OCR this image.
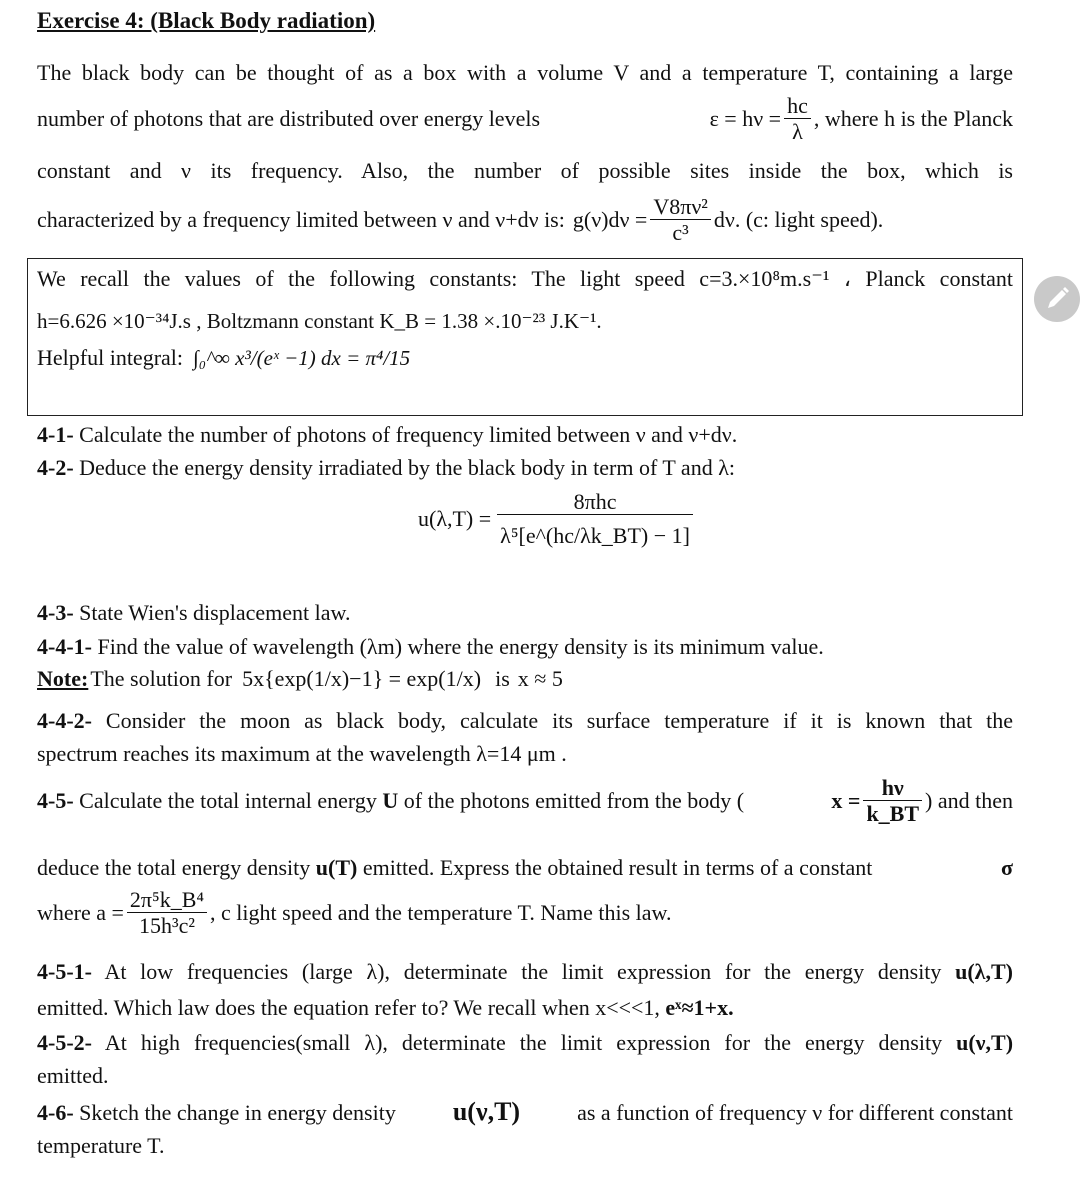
Exercise 4: (Black Body radiation)
The black body can be thought of as a box with a volume V and a temperature T, containing a large
number of photons that are distributed over energy levels	$\varepsilon = h\nu = \frac{hc}{\lambda}$ , where h is the Planck
constant and ν its frequency. Also, the number of possible sites inside the box, which is
characterized by a frequency limited between ν and ν+dν is: $g(\nu)d\nu = \frac{\text{V8πν²}}{\text{c³}} d\nu$. (c: light speed).
We recall the values of the following constants: The light speed c=3.×10⁸m.s⁻¹ ، Planck constant
h=6.626 ×10⁻³⁴J.s , Boltzmann constant K_B = 1.38 ×.10⁻²³ J.K⁻¹.
Helpful integral: ∫₀^∞ x³/(eˣ −1) dx = π⁴/15
4-1- Calculate the number of photons of frequency limited between ν and ν+dν.
4-2- Deduce the energy density irradiated by the black body in term of T and λ:
$u(\lambda,T) = \frac{\text{8πhc}}{\text{λ⁵[e\textasciicircum{}(hc/λk\_BT) − 1]}}$
4-3- State Wien's displacement law.
4-4-1- Find the value of wavelength (λm) where the energy density is its minimum value.
Note: The solution for 5x{exp(1/x)−1} = exp(1/x) is x ≈ 5
4-4-2- Consider the moon as black body, calculate its surface temperature if it is known that the
spectrum reaches its maximum at the wavelength λ=14 μm .
4-5- Calculate the total internal energy U of the photons emitted from the body (	$x = \frac{h\nu}{k\_BT}$ ) and then
deduce the total energy density u(T) emitted. Express the obtained result in terms of a constant	σ
where $a = \frac{\text{2π⁵k\_B⁴}}{\text{15h³c²}}$ , c light speed and the temperature T. Name this law.
4-5-1- At low frequencies (large λ), determinate the limit expression for the energy density u(λ,T)
emitted. Which law does the equation refer to? We recall when x<<<1, eˣ≈1+x.
4-5-2- At high frequencies(small λ), determinate the limit expression for the energy density u(ν,T)
emitted.
4-6- Sketch the change in energy density u(ν,T)	as a function of frequency ν for different constant
temperature T.
